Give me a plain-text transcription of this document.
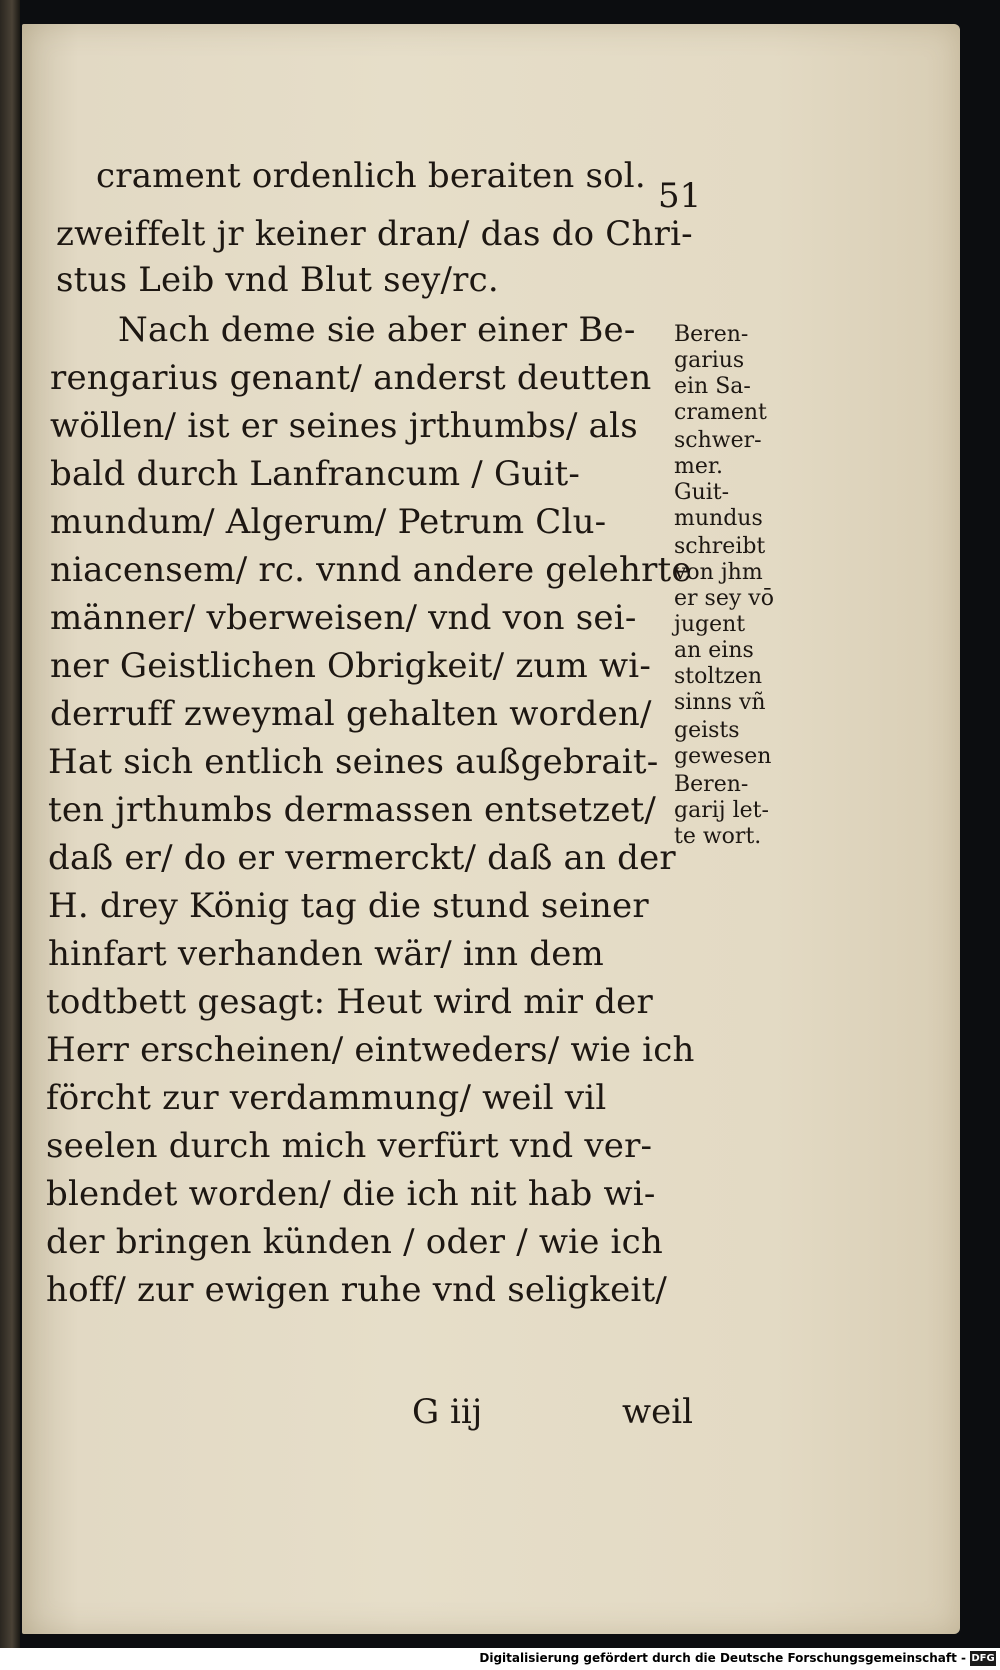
crament ordenlich beraiten sol. 51
zweiffelt jr keiner dran/ das do Chri-
stus Leib vnd Blut sey/rc.
Nach deme sie aber einer Be-
rengarius genant/ anderst deutten
wöllen/ ist er seines jrthumbs/ als
bald durch Lanfrancum / Guit-
mundum/ Algerum/ Petrum Clu-
niacensem/ rc. vnnd andere gelehrte
männer/ vberweisen/ vnd von sei-
ner Geistlichen Obrigkeit/ zum wi-
derruff zweymal gehalten worden/
Hat sich entlich seines außgebrait-
ten jrthumbs dermassen entsetzet/
daß er/ do er vermerckt/ daß an der
H. drey König tag die stund seiner
hinfart verhanden wär/ inn dem
todtbett gesagt: Heut wird mir der
Herr erscheinen/ eintweders/ wie ich
förcht zur verdammung/ weil vil
seelen durch mich verfürt vnd ver-
blendet worden/ die ich nit hab wi-
der bringen künden / oder / wie ich
hoff/ zur ewigen ruhe vnd seligkeit/
Beren-
garius
ein Sa-
crament
schwer-
mer.
Guit-
mundus
schreibt
von jhm
er sey vō
jugent
an eins
stoltzen
sinns vñ
geists
gewesen
Beren-
garij let-
te wort.
G iij	weil
Digitalisierung gefördert durch die Deutsche Forschungsgemeinschaft - DFG
